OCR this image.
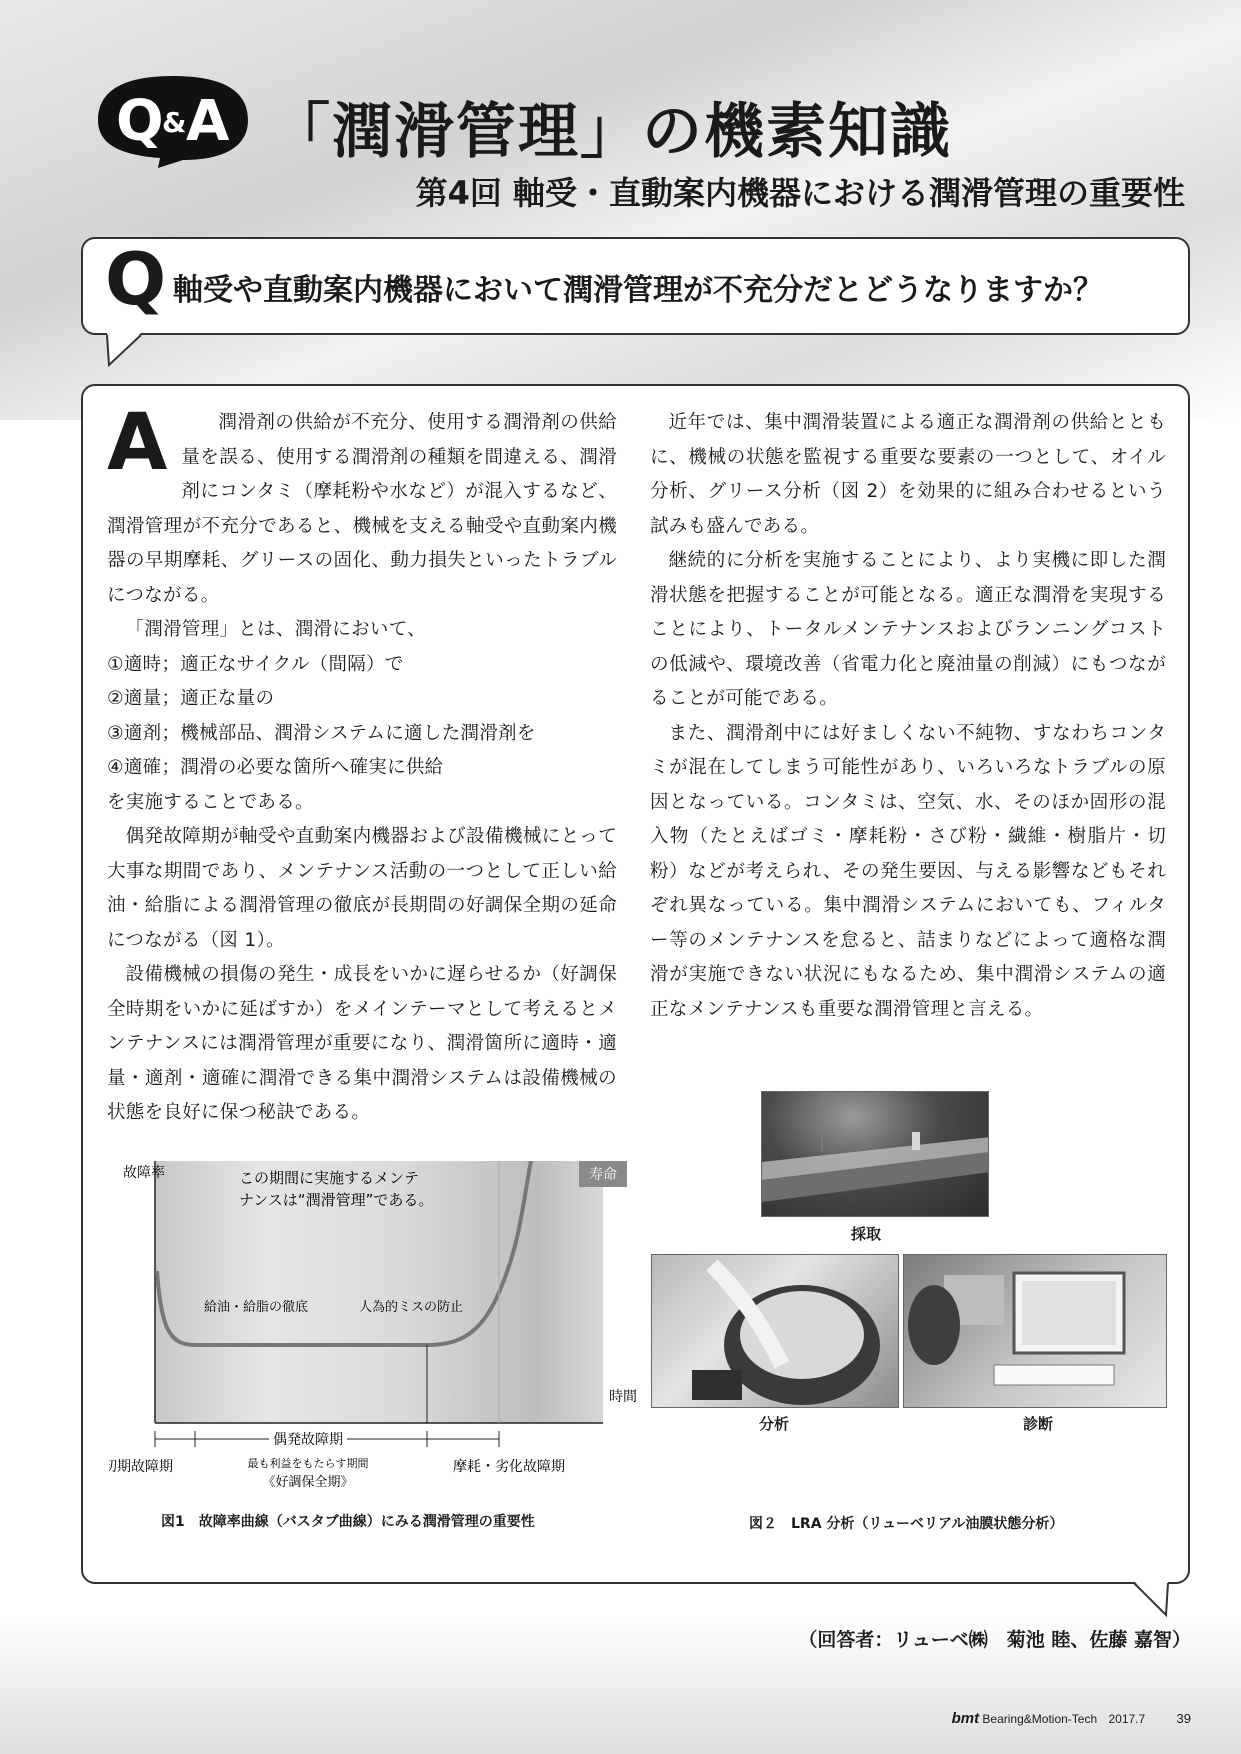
Q
& A 「潤滑管理」の機素知識
第4回 軸受・直動案内機器における潤滑管理の重要性
Q 軸受や直動案内機器において潤滑管理が不充分だとどうなりますか？
A	潤滑剤の供給が不充分、使用する潤滑剤の供給量を誤る、使用する潤滑剤の種類を間違える、潤滑剤にコンタミ（摩耗粉や水など）が混入するなど、潤滑管理が不充分であると、機械を支える軸受や直動案内機器の早期摩耗、グリースの固化、動力損失といったトラブルにつながる。

「潤滑管理」とは、潤滑において、

①適時；適正なサイクル（間隔）で

②適量；適正な量の

③適剤；機械部品、潤滑システムに適した潤滑剤を

④適確；潤滑の必要な箇所へ確実に供給

を実施することである。

偶発故障期が軸受や直動案内機器および設備機械にとって大事な期間であり、メンテナンス活動の一つとして正しい給油・給脂による潤滑管理の徹底が長期間の好調保全期の延命につながる（図 1）。

設備機械の損傷の発生・成長をいかに遅らせるか（好調保全時期をいかに延ばすか）をメインテーマとして考えるとメンテナンスには潤滑管理が重要になり、潤滑箇所に適時・適量・適剤・適確に潤滑できる集中潤滑システムは設備機械の状態を良好に保つ秘訣である。

近年では、集中潤滑装置による適正な潤滑剤の供給とともに、機械の状態を監視する重要な要素の一つとして、オイル分析、グリース分析（図 2）を効果的に組み合わせるという試みも盛んである。

継続的に分析を実施することにより、より実機に即した潤滑状態を把握することが可能となる。適正な潤滑を実現することにより、トータルメンテナンスおよびランニングコストの低減や、環境改善（省電力化と廃油量の削減）にもつながることが可能である。

また、潤滑剤中には好ましくない不純物、すなわちコンタミが混在してしまう可能性があり、いろいろなトラブルの原因となっている。コンタミは、空気、水、そのほか固形の混入物（たとえばゴミ・摩耗粉・さび粉・繊維・樹脂片・切粉）などが考えられ、その発生要因、与える影響などもそれぞれ異なっている。集中潤滑システムにおいても、フィルター等のメンテナンスを怠ると、詰まりなどによって適格な潤滑が実施できない状況にもなるため、集中潤滑システムの適正なメンテナンスも重要な潤滑管理と言える。

寿命
故障率	この期間に実施するメンテ
ナンスは“潤滑管理”である。
給油・給脂の徹底	人為的ミスの防止
時間
偶発故障期
初期故障期	最も利益をもたらす期間
《好調保全期》
摩耗・劣化故障期
図1　故障率曲線（バスタブ曲線）にみる潤滑管理の重要性
採取
分析	診断
図２　LRA 分析（リューベリアル油膜状態分析）
（回答者：リューベ㈱　菊池 睦、佐藤 嘉智）
bmt Bearing&Motion-Tech 2017.7 39
